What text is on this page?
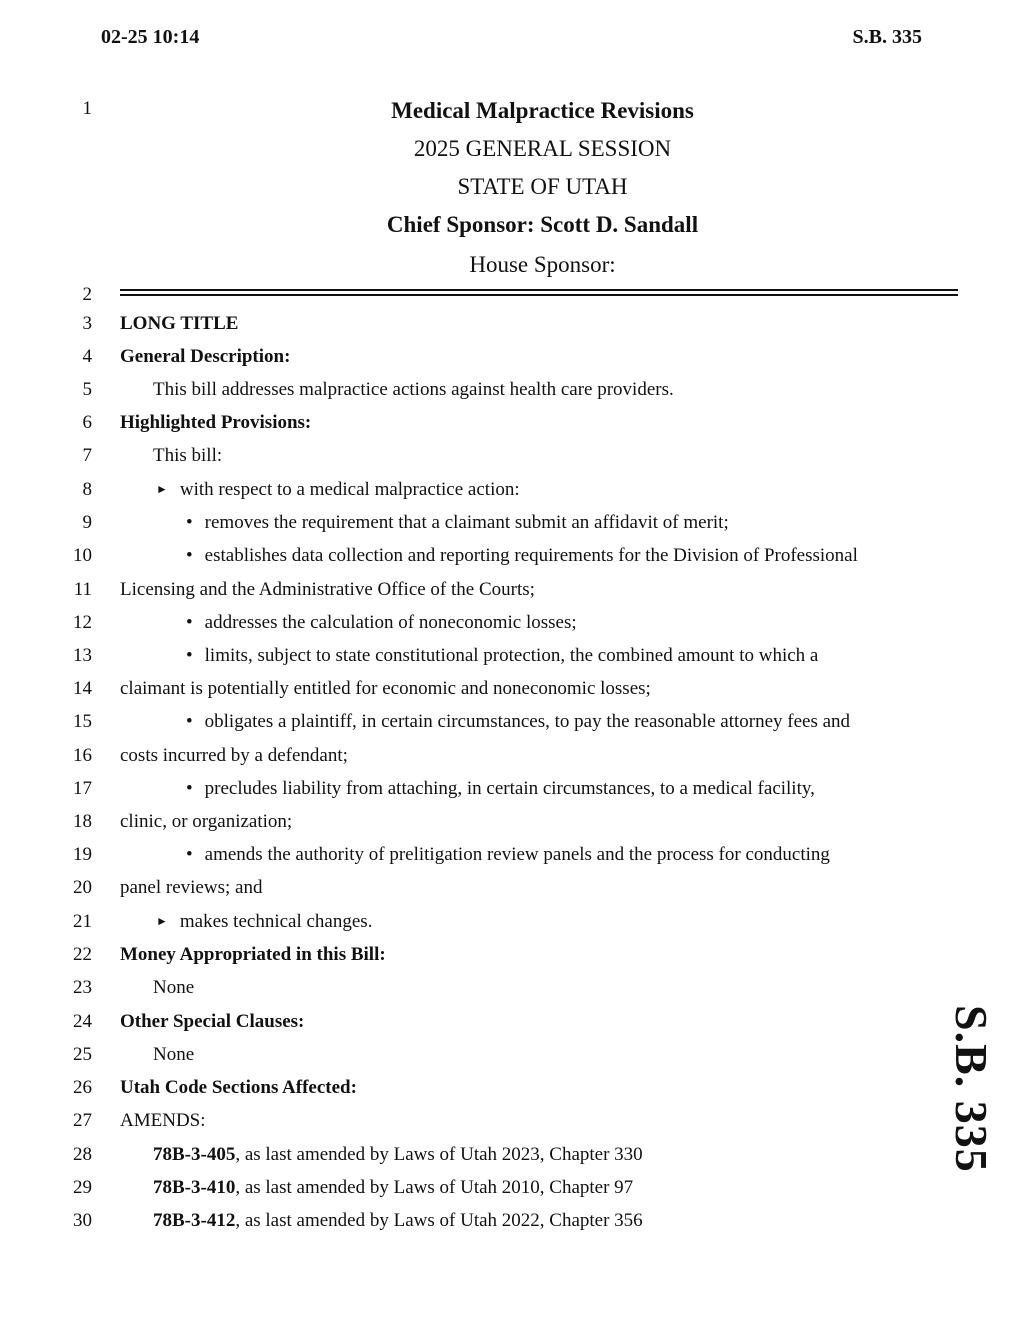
02-25 10:14	S.B. 335
1
2
3
4
5
6
7
8
9
10
11
12
13
14
15
16
17
18
19
20
21
22
23
24
25
26
27
28
29
30
Medical Malpractice Revisions
2025 GENERAL SESSION
STATE OF UTAH
Chief Sponsor: Scott D. Sandall
House Sponsor:
LONG TITLE
General Description:
This bill addresses malpractice actions against health care providers.
Highlighted Provisions:
This bill:
► with respect to a medical malpractice action:
• removes the requirement that a claimant submit an affidavit of merit;
• establishes data collection and reporting requirements for the Division of Professional
Licensing and the Administrative Office of the Courts;
• addresses the calculation of noneconomic losses;
• limits, subject to state constitutional protection, the combined amount to which a
claimant is potentially entitled for economic and noneconomic losses;
• obligates a plaintiff, in certain circumstances, to pay the reasonable attorney fees and
costs incurred by a defendant;
• precludes liability from attaching, in certain circumstances, to a medical facility,
clinic, or organization;
• amends the authority of prelitigation review panels and the process for conducting
panel reviews; and
► makes technical changes.
Money Appropriated in this Bill:
None
Other Special Clauses:
None
Utah Code Sections Affected:
AMENDS:
78B-3-405, as last amended by Laws of Utah 2023, Chapter 330
78B-3-410, as last amended by Laws of Utah 2010, Chapter 97
78B-3-412, as last amended by Laws of Utah 2022, Chapter 356
S.B. 335
